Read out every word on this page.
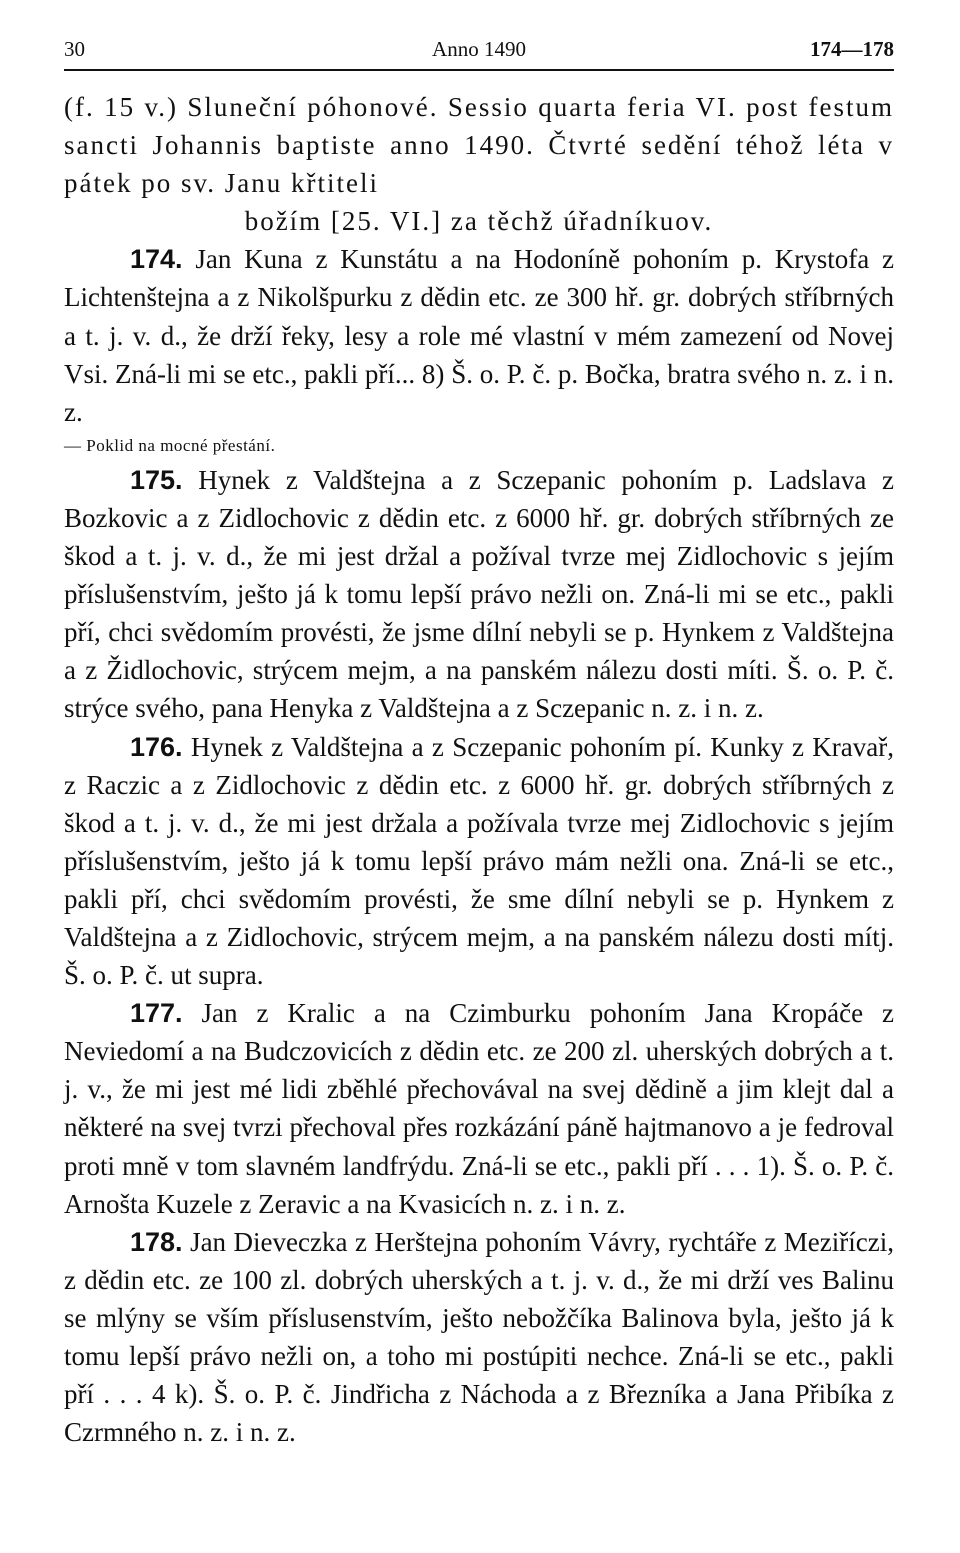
30	Anno 1490	174—178

(f. 15 v.) Sluneční póhonové. Sessio quarta feria VI. post festum sancti Johannis baptiste anno 1490. Čtvrté sedění téhož léta v pátek po sv. Janu křtiteli
božím [25. VI.] za těchž úřadníkuov.

174. Jan Kuna z Kunstátu a na Hodoníně pohoním p. Krystofa z Lichtenštejna a z Nikolšpurku z dědin etc. ze 300 hř. gr. dobrých stříbrných a t. j. v. d., že drží řeky, lesy a role mé vlastní v mém zamezení od Novej Vsi. Zná-li mi se etc., pakli pří... 8) Š. o. P. č. p. Bočka, bratra svého n. z. i n. z.

— Poklid na mocné přestání.

175. Hynek z Valdštejna a z Sczepanic pohoním p. Ladslava z Bozkovic a z Zidlochovic z dědin etc. z 6000 hř. gr. dobrých stříbrných ze škod a t. j. v. d., že mi jest držal a požíval tvrze mej Zidlochovic s jejím příslušenstvím, ješto já k tomu lepší právo nežli on. Zná-li mi se etc., pakli pří, chci svědomím provésti, že jsme dílní nebyli se p. Hynkem z Valdštejna a z Židlochovic, strýcem mejm, a na panském nálezu dosti míti. Š. o. P. č. strýce svého, pana Henyka z Valdštejna a z Sczepanic n. z. i n. z.

176. Hynek z Valdštejna a z Sczepanic pohoním pí. Kunky z Kravař, z Raczic a z Zidlochovic z dědin etc. z 6000 hř. gr. dobrých stříbrných z škod a t. j. v. d., že mi jest držala a požívala tvrze mej Zidlochovic s jejím příslušenstvím, ješto já k tomu lepší právo mám nežli ona. Zná-li se etc., pakli pří, chci svědomím provésti, že sme dílní nebyli se p. Hynkem z Valdštejna a z Zidlochovic, strýcem mejm, a na panském nálezu dosti mítj. Š. o. P. č. ut supra.

177. Jan z Kralic a na Czimburku pohoním Jana Kropáče z Neviedomí a na Budczovicích z dědin etc. ze 200 zl. uherských dobrých a t. j. v., že mi jest mé lidi zběhlé přechovával na svej dědině a jim klejt dal a některé na svej tvrzi přechoval přes rozkázání páně hajtmanovo a je fedroval proti mně v tom slavném landfrýdu. Zná-li se etc., pakli pří . . . 1). Š. o. P. č. Arnošta Kuzele z Zeravic a na Kvasicích n. z. i n. z.

178. Jan Dieveczka z Herštejna pohoním Vávry, rychtáře z Meziříczi, z dědin etc. ze 100 zl. dobrých uherských a t. j. v. d., že mi drží ves Balinu se mlýny se vším příslusenstvím, ješto nebožčíka Balinova byla, ješto já k tomu lepší právo nežli on, a toho mi postúpiti nechce. Zná-li se etc., pakli pří . . . 4 k). Š. o. P. č. Jindřicha z Náchoda a z Březníka a Jana Přibíka z Czrmného n. z. i n. z.
